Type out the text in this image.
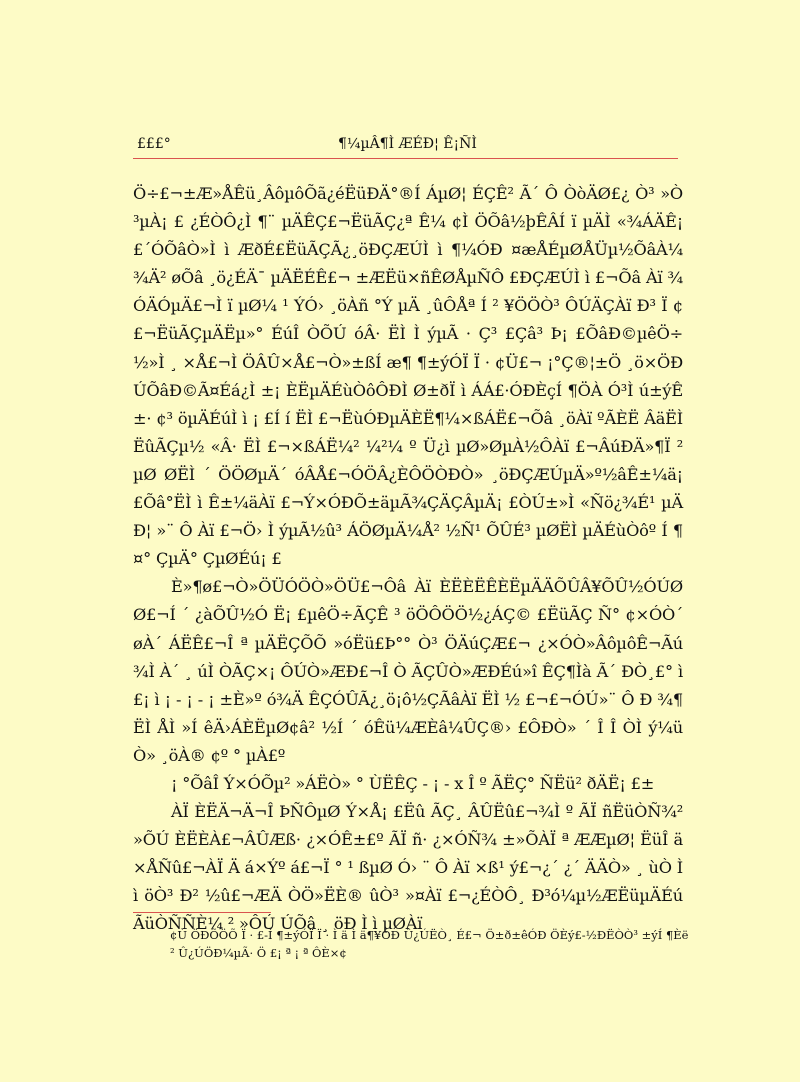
£££°	¶¼µÂ¶Ì ÆÉÐ¦ Ê¡ÑÌ

Ö÷£¬±Æ»ÅÊü¸ÂôµôÕã¿éËüÐÄ°®Í ÁµØ¦ ÉÇÊ² Ã´ Ô ÒòÄØ£¿ Ò³ »Ò³µÀ¡ £ ¿ÉÒÔ¿Ì ¶¨ µÄÊÇ£¬ËüÃÇ¿ª Ê¼ ¢Ì ÖÕâ½þÊÂÍ ï µÄÌ «¾ÁÄÊ¡ £´ÓÕâÒ»Ì ì ÆðÉ£ËüÃÇÃ¿¸öÐÇÆÚÌ ì ¶¼ÓÐ ¤æÅÉµØÅÜµ½ÕâÀ¼ ¾Ä² øÕâ ¸ö¿ÉÄ¯ µÄËÉÊ£¬ ±ÆËü×ñÊØÅµÑÔ £ÐÇÆÚÌ ì £¬Õâ Àï ¾ ÓÄÓµÄ£¬Ì ï µØ¼ ¹ ÝÓ› ¸öÀñ °Ý µÄ ¸ûÔÅª Í ² ¥ÖÖÒ³ ÔÚÄÇÀï Ð³ Ï ¢£¬ËüÃÇµÄËµ»° ÉúÎ ÒÕÚ óÂ· ËÌ Ì ýµÃ · Ç³ £Çâ³ Þ¡ £ÕâÐ©µêÖ÷½»Ì ¸ ×Å£¬Ì ÖÂÛ×Å£¬Ò»±ßÍ æ¶ ¶±ýÓÏ Ï · ¢Ü£¬ ¡°Ç®¦±Ö ¸ö×ÖÐÚÕâÐ©Ã¤Éá¿Ì ±¡ ÈËµÄÉùÒôÔÐÌ Ø±ðÏ ì ÁÁ£·ÓÐÈçÍ ¶ÖÀ Ó³Ì ú±ýÊ±· ¢³ öµÄÉúÌ ì ¡ £Í í ËÌ £¬ËùÓÐµÄÈË¶¼×ßÁË£¬Õâ ¸öÀï ºÃÈË ÂäËÌ ËûÃÇµ½ «Â· ËÌ £¬×ßÁË¼² ¼²¼ º Ü¿ì µØ»ØµÀ½ÔÀï £¬ÂúÐÄ»¶Ï ² µØ ØËÌ ´ ÖÖØµÄ´ óÂÅ£¬ÓÖÂ¿ÈÔÖÒÐÒ» ¸öÐÇÆÚµÄ»º½âÊ±¼ä¡ £Õâ°ËÌ ì Ê±¼äÀï £¬Ý×ÓÐÕ±äµÃ¾ÇÄÇÂµÄ¡ £ÒÚ±»Ì «Ñö¿¾É¹ µÄÐ¦ »¨ Ô Àï £¬Ö› Ì ýµÃ½û³ ÁÖØµÄ¼Å² ½Ñ¹ ÕÛÉ³ µØËÌ µÄÉùÒôº Í ¶¤° ÇµÄ° ÇµØÉú¡ £

È»¶ø£¬Ò»ÖÜÓÖÒ»ÖÜ£¬Ôâ Àï ÈËÈËÊÈËµÄÄÕÛÂ¥ÕÛ½ÓÚØØ£¬Í ´ ¿àÕÛ½Ó Ë¡ £µêÖ÷ÃÇÊ ³ öÖÔÖÖ½¿ÁÇ© £ËüÃÇ Ñ° ¢×ÓÒ´ øÀ´ ÁËÊ£¬Î ª µÄËÇÕÕ »óËü£Þ°° Ò³ ÖÄúÇÆ£¬ ¿×ÓÒ»ÂôµôÊ¬Ãú¾Ì À´ ¸ úÌ ÒÃÇ×¡ ÔÚÒ»ÆÐ£¬Î Ò ÃÇÛÒ»ÆÐÉú»î ÊÇ¶Ìà Ã´ ÐÒ¸£° ì £¡ ì ¡ - ¡ - ¡ ±È»º ó¾Ä ÊÇÓÛÃ¿¸ö¡ô½ÇÃâÀï ËÌ ½ £¬£¬ÓÚ»¨ Ô Ð ¾¶ËÌ ÅÌ »Í êÄ›ÁÈËµØ¢â² ½Í ´ óÊü¼ÆÈâ¼ÛÇ®› £ÔÐÒ» ´ Î Î ÒÌ ý¼üÒ» ¸öÀ® ¢º ° µÀ£º

¡ °ÕâÎ Ý×ÓÕµ² »ÁËÒ» ° ÙËÊÇ - ¡ - x Î º ÃËÇ° ÑËü² ðÄË¡ £±

ÀÏ ÈËÄ¬Ä¬Î ÞÑÔµØ Ý×Å¡ £Ëû ÃÇ¸ ÂÛËû£¬¾Ì º ÃÏ ñËüÒÑ¾² »ÕÚ ÈËÈÀ£¬ÂÛÆß· ¿×ÓÊ±£º ÃÏ ñ· ¿×ÓÑ¾ ±»ÕÀÏ ª ÆÆµØ¦ ËüÎ ä×ÅÑû£¬ÀÏ Ä á×Ýº á£¬Ï ° ¹ ßµØ Ó› ¨ Ô Àï ×ß¹ ý£¬¿´ ¿´ ÄÄÒ» ¸ ùÒ Ì ì öÒ³ Ð² ½û£¬ÆÄ ÒÖ»ËÈ® ûÒ³ »¤Àï £¬¿ÉÒÔ¸ Ð³ó¼µ½ÆËüµÄÉúÃüÒÑÑÈ¼ ² »ÔÚ ÚÕâ ¸ öÐ Ì ì µØÀï

¢Ù ÖÐÕÖÕ Ï · £-Í ¶±ýÓÏ Ï · Ì ä Ì ä¶¥ÓÐ Û¿ÚËÒ¸ É£¬ Ö±ð±êÓÐ ÖÈý£-½ÐËÒÒ³ ±ýÍ ¶Èë

² Û¿ÚÖÐ¼µÃ· Ö £¡ ª ¡ ª ÔÈ×¢
